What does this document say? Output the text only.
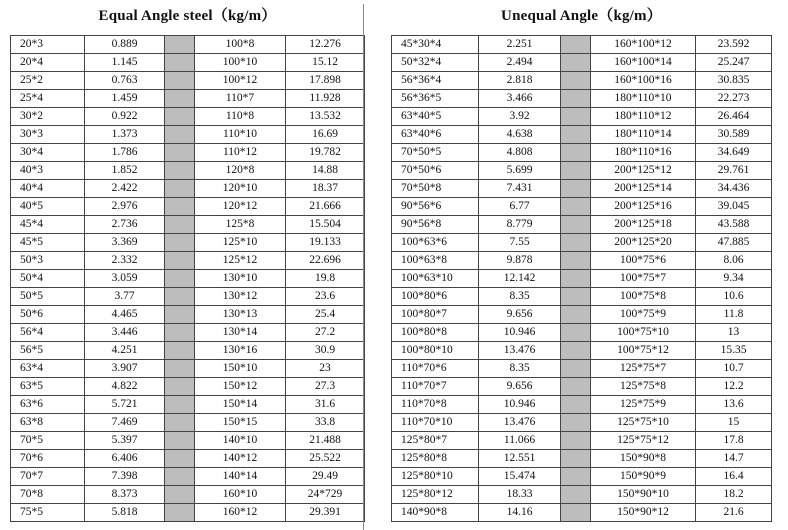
Equal Angle steel（kg/m）
20*3	0.889		100*8	12.276
20*4	1.145		100*10	15.12
25*2	0.763		100*12	17.898
25*4	1.459		110*7	11.928
30*2	0.922		110*8	13.532
30*3	1.373		110*10	16.69
30*4	1.786		110*12	19.782
40*3	1.852		120*8	14.88
40*4	2.422		120*10	18.37
40*5	2.976		120*12	21.666
45*4	2.736		125*8	15.504
45*5	3.369		125*10	19.133
50*3	2.332		125*12	22.696
50*4	3.059		130*10	19.8
50*5	3.77		130*12	23.6
50*6	4.465		130*13	25.4
56*4	3.446		130*14	27.2
56*5	4.251		130*16	30.9
63*4	3.907		150*10	23
63*5	4.822		150*12	27.3
63*6	5.721		150*14	31.6
63*8	7.469		150*15	33.8
70*5	5.397		140*10	21.488
70*6	6.406		140*12	25.522
70*7	7.398		140*14	29.49
70*8	8.373		160*10	24*729
75*5	5.818		160*12	29.391
Unequal Angle（kg/m）
45*30*4	2.251		160*100*12	23.592
50*32*4	2.494		160*100*14	25.247
56*36*4	2.818		160*100*16	30.835
56*36*5	3.466		180*110*10	22.273
63*40*5	3.92		180*110*12	26.464
63*40*6	4.638		180*110*14	30.589
70*50*5	4.808		180*110*16	34.649
70*50*6	5.699		200*125*12	29.761
70*50*8	7.431		200*125*14	34.436
90*56*6	6.77		200*125*16	39.045
90*56*8	8.779		200*125*18	43.588
100*63*6	7.55		200*125*20	47.885
100*63*8	9.878		100*75*6	8.06
100*63*10	12.142		100*75*7	9.34
100*80*6	8.35		100*75*8	10.6
100*80*7	9.656		100*75*9	11.8
100*80*8	10.946		100*75*10	13
100*80*10	13.476		100*75*12	15.35
110*70*6	8.35		125*75*7	10.7
110*70*7	9.656		125*75*8	12.2
110*70*8	10.946		125*75*9	13.6
110*70*10	13.476		125*75*10	15
125*80*7	11.066		125*75*12	17.8
125*80*8	12.551		150*90*8	14.7
125*80*10	15.474		150*90*9	16.4
125*80*12	18.33		150*90*10	18.2
140*90*8	14.16		150*90*12	21.6
